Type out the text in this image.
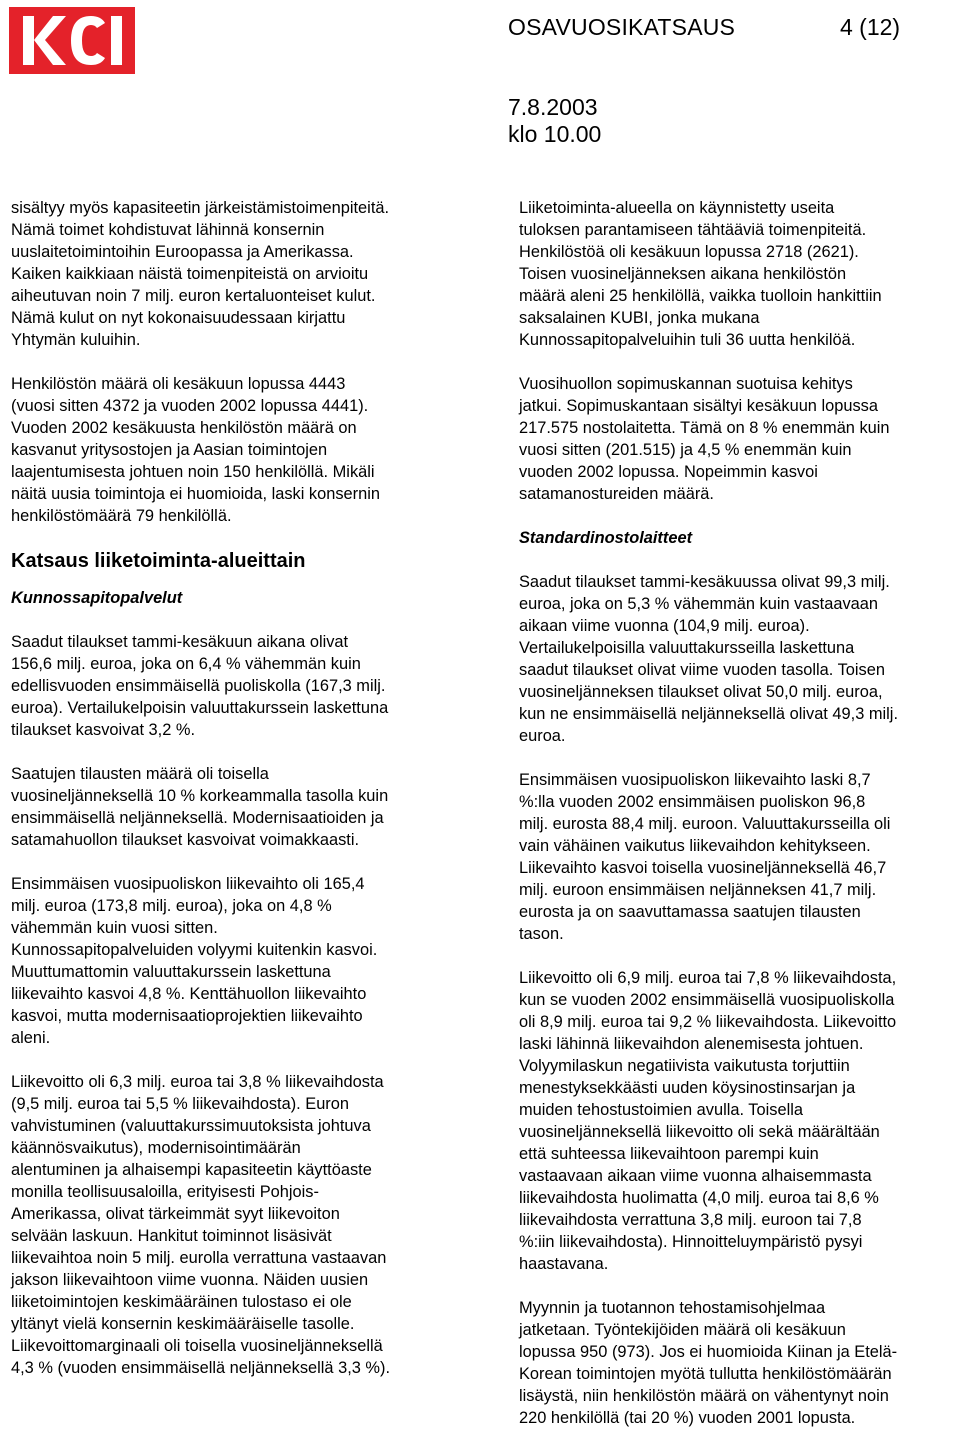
OSAVUOSIKATSAUS	4 (12)
7.8.2003
klo 10.00

sisältyy myös kapasiteetin järkeistämistoimenpiteitä.
Nämä toimet kohdistuvat lähinnä konsernin
uuslaitetoimintoihin Euroopassa ja Amerikassa.
Kaiken kaikkiaan näistä toimenpiteistä on arvioitu
aiheutuvan noin 7 milj. euron kertaluonteiset kulut.
Nämä kulut on nyt kokonaisuudessaan kirjattu
Yhtymän kuluihin.

Henkilöstön määrä oli kesäkuun lopussa 4443
(vuosi sitten 4372 ja vuoden 2002 lopussa 4441).
Vuoden 2002 kesäkuusta henkilöstön määrä on
kasvanut yritysostojen ja Aasian toimintojen
laajentumisesta johtuen noin 150 henkilöllä. Mikäli
näitä uusia toimintoja ei huomioida, laski konsernin
henkilöstömäärä 79 henkilöllä.

Katsaus liiketoiminta-alueittain
Kunnossapitopalvelut

Saadut tilaukset tammi-kesäkuun aikana olivat
156,6 milj. euroa, joka on 6,4 % vähemmän kuin
edellisvuoden ensimmäisellä puoliskolla (167,3 milj.
euroa). Vertailukelpoisin valuuttakurssein laskettuna
tilaukset kasvoivat 3,2 %.

Saatujen tilausten määrä oli toisella
vuosineljänneksellä 10 % korkeammalla tasolla kuin
ensimmäisellä neljänneksellä. Modernisaatioiden ja
satamahuollon tilaukset kasvoivat voimakkaasti.

Ensimmäisen vuosipuoliskon liikevaihto oli 165,4
milj. euroa (173,8 milj. euroa), joka on 4,8 %
vähemmän kuin vuosi sitten.
Kunnossapitopalveluiden volyymi kuitenkin kasvoi.
Muuttumattomin valuuttakurssein laskettuna
liikevaihto kasvoi 4,8 %. Kenttähuollon liikevaihto
kasvoi, mutta modernisaatioprojektien liikevaihto
aleni.

Liikevoitto oli 6,3 milj. euroa tai 3,8 % liikevaihdosta
(9,5 milj. euroa tai 5,5 % liikevaihdosta). Euron
vahvistuminen (valuuttakurssimuutoksista johtuva
käännösvaikutus), modernisointimäärän
alentuminen ja alhaisempi kapasiteetin käyttöaste
monilla teollisuusaloilla, erityisesti Pohjois-
Amerikassa, olivat tärkeimmät syyt liikevoiton
selvään laskuun. Hankitut toiminnot lisäsivät
liikevaihtoa noin 5 milj. eurolla verrattuna vastaavan
jakson liikevaihtoon viime vuonna. Näiden uusien
liiketoimintojen keskimääräinen tulostaso ei ole
yltänyt vielä konsernin keskimääräiselle tasolle.
Liikevoittomarginaali oli toisella vuosineljänneksellä
4,3 % (vuoden ensimmäisellä neljänneksellä 3,3 %).

Liiketoiminta-alueella on käynnistetty useita
tuloksen parantamiseen tähtääviä toimenpiteitä.
Henkilöstöä oli kesäkuun lopussa 2718 (2621).
Toisen vuosineljänneksen aikana henkilöstön
määrä aleni 25 henkilöllä, vaikka tuolloin hankittiin
saksalainen KUBI, jonka mukana
Kunnossapitopalveluihin tuli 36 uutta henkilöä.

Vuosihuollon sopimuskannan suotuisa kehitys
jatkui. Sopimuskantaan sisältyi kesäkuun lopussa
217.575 nostolaitetta. Tämä on 8 % enemmän kuin
vuosi sitten (201.515) ja 4,5 % enemmän kuin
vuoden 2002 lopussa. Nopeimmin kasvoi
satamanostureiden määrä.

Standardinostolaitteet

Saadut tilaukset tammi-kesäkuussa olivat 99,3 milj.
euroa, joka on 5,3 % vähemmän kuin vastaavaan
aikaan viime vuonna (104,9 milj. euroa).
Vertailukelpoisilla valuuttakursseilla laskettuna
saadut tilaukset olivat viime vuoden tasolla. Toisen
vuosineljänneksen tilaukset olivat 50,0 milj. euroa,
kun ne ensimmäisellä neljänneksellä olivat 49,3 milj.
euroa.

Ensimmäisen vuosipuoliskon liikevaihto laski 8,7
%:lla vuoden 2002 ensimmäisen puoliskon 96,8
milj. eurosta 88,4 milj. euroon. Valuuttakursseilla oli
vain vähäinen vaikutus liikevaihdon kehitykseen.
Liikevaihto kasvoi toisella vuosineljänneksellä 46,7
milj. euroon ensimmäisen neljänneksen 41,7 milj.
eurosta ja on saavuttamassa saatujen tilausten
tason.

Liikevoitto oli 6,9 milj. euroa tai 7,8 % liikevaihdosta,
kun se vuoden 2002 ensimmäisellä vuosipuoliskolla
oli 8,9 milj. euroa tai 9,2 % liikevaihdosta. Liikevoitto
laski lähinnä liikevaihdon alenemisesta johtuen.
Volyymilaskun negatiivista vaikutusta torjuttiin
menestyksekkäästi uuden köysinostinsarjan ja
muiden tehostustoimien avulla. Toisella
vuosineljänneksellä liikevoitto oli sekä määrältään
että suhteessa liikevaihtoon parempi kuin
vastaavaan aikaan viime vuonna alhaisemmasta
liikevaihdosta huolimatta (4,0 milj. euroa tai 8,6 %
liikevaihdosta verrattuna 3,8 milj. euroon tai 7,8
%:iin liikevaihdosta). Hinnoitteluympäristö pysyi
haastavana.

Myynnin ja tuotannon tehostamisohjelmaa
jatketaan. Työntekijöiden määrä oli kesäkuun
lopussa 950 (973). Jos ei huomioida Kiinan ja Etelä-
Korean toimintojen myötä tullutta henkilöstömäärän
lisäystä, niin henkilöstön määrä on vähentynyt noin
220 henkilöllä (tai 20 %) vuoden 2001 lopusta.
